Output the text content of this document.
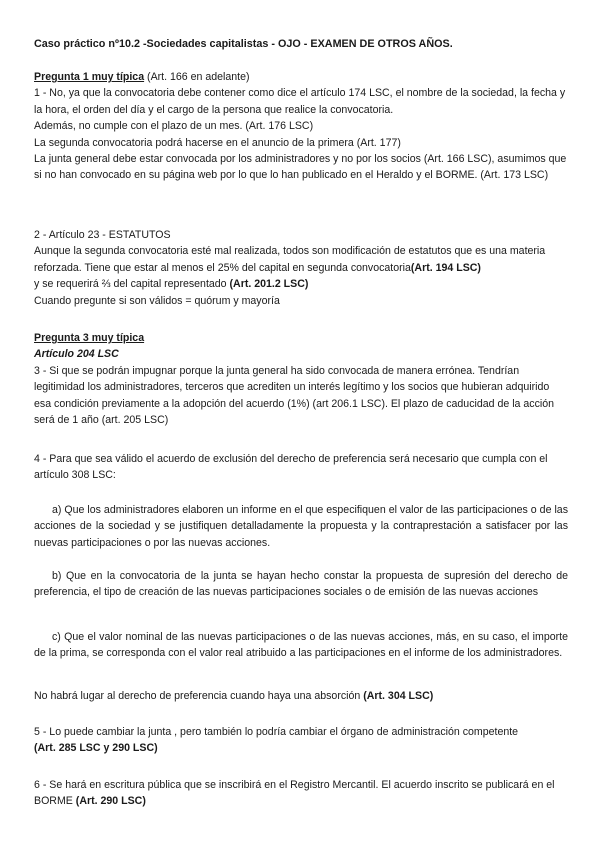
Caso práctico nº10.2 -Sociedades capitalistas - OJO - EXAMEN DE OTROS AÑOS.

Pregunta 1 muy típica (Art. 166 en adelante)

1 - No, ya que la convocatoria debe contener como dice el artículo 174 LSC, el nombre de la sociedad, la fecha y la hora, el orden del día y el cargo de la persona que realice la convocatoria.

Además, no cumple con el plazo de un mes. (Art. 176 LSC)

La segunda convocatoria podrá hacerse en el anuncio de la primera (Art. 177)

La junta general debe estar convocada por los administradores y no por los socios (Art. 166 LSC), asumimos que si no han convocado en su página web por lo que lo han publicado en el Heraldo y el BORME. (Art. 173 LSC)

2 - Artículo 23 - ESTATUTOS

Aunque la segunda convocatoria esté mal realizada, todos son modificación de estatutos que es una materia reforzada. Tiene que estar al menos el 25% del capital en segunda convocatoria(Art. 194 LSC)

y se requerirá ⅔ del capital representado (Art. 201.2 LSC)

Cuando pregunte si son válidos = quórum y mayoría

Pregunta 3 muy típica

Artículo 204 LSC

3 - Si que se podrán impugnar porque la junta general ha sido convocada de manera errónea. Tendrían legitimidad los administradores, terceros que acrediten un interés legítimo y los socios que hubieran adquirido esa condición previamente a la adopción del acuerdo (1%) (art 206.1 LSC). El plazo de caducidad de la acción será de 1 año (art. 205 LSC)

4 - Para que sea válido el acuerdo de exclusión del derecho de preferencia será necesario que cumpla con el artículo 308 LSC:
a) Que los administradores elaboren un informe en el que especifiquen el valor de las participaciones o de las acciones de la sociedad y se justifiquen detalladamente la propuesta y la contraprestación a satisfacer por las nuevas participaciones o por las nuevas acciones.
b) Que en la convocatoria de la junta se hayan hecho constar la propuesta de supresión del derecho de preferencia, el tipo de creación de las nuevas participaciones sociales o de emisión de las nuevas acciones
c) Que el valor nominal de las nuevas participaciones o de las nuevas acciones, más, en su caso, el importe de la prima, se corresponda con el valor real atribuido a las participaciones en el informe de los administradores.
No habrá lugar al derecho de preferencia cuando haya una absorción (Art. 304 LSC)

5 - Lo puede cambiar la junta , pero también lo podría cambiar el órgano de administración competente

(Art. 285 LSC y 290 LSC)

6 - Se hará en escritura pública que se inscribirá en el Registro Mercantil. El acuerdo inscrito se publicará en el BORME (Art. 290 LSC)
